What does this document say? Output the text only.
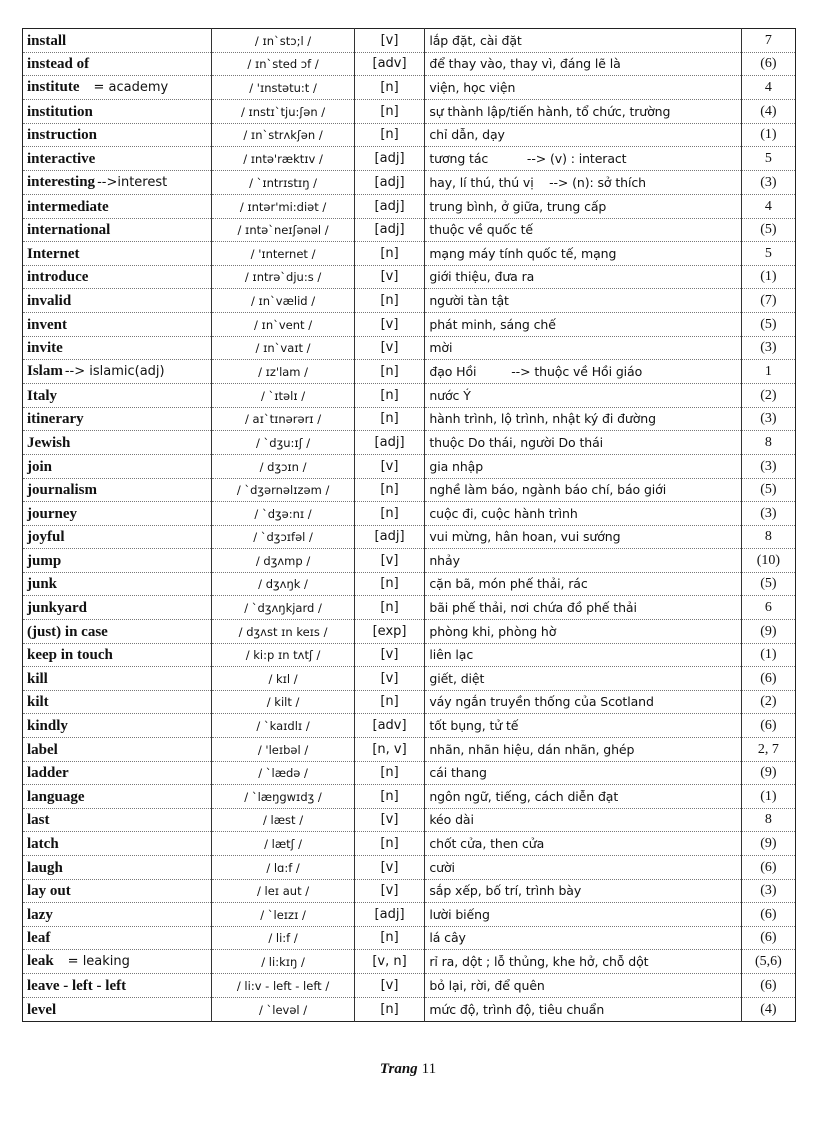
install	/ ɪn`stɔ;l /	[v]	lắp đặt, cài đặt	7
instead of	/ ɪn`sted ɔf /	[adv]	để thay vào, thay vì, đáng lẽ là	(6)
institute = academy	/ 'ɪnstətu:t /	[n]	viện, học viện	4
institution	/ ɪnstɪ`tju:ʃən /	[n]	sự thành lập/tiến hành, tổ chức, trường	(4)
instruction	/ ɪn`strʌkʃən /	[n]	chỉ dẫn, dạy	(1)
interactive	/ ɪntə'ræktɪv /	[adj]	tương tác          --> (v) : interact	5
interesting -->interest	/ `ɪntrɪstɪŋ /	[adj]	hay, lí thú, thú vị    --> (n): sở thích	(3)
intermediate	/ ɪntər'mi:diət /	[adj]	trung bình, ở giữa, trung cấp	4
international	/ ɪntə`neɪʃənəl /	[adj]	thuộc về quốc tế	(5)
Internet	/ 'ɪnternet /	[n]	mạng máy tính quốc tế, mạng	5
introduce	/ ɪntrə`dju:s /	[v]	giới thiệu, đưa ra	(1)
invalid	/ ɪn`vælid /	[n]	người tàn tật	(7)
invent	/ ɪn`vent /	[v]	phát minh, sáng chế	(5)
invite	/ ɪn`vaɪt /	[v]	mời	(3)
Islam --> islamic(adj)	/ ɪz'lam /	[n]	đạo Hồi         --> thuộc về Hồi giáo	1
Italy	/ `ɪtəlɪ /	[n]	nước Ý	(2)
itinerary	/ aɪ`tɪnərərɪ /	[n]	hành trình, lộ trình, nhật ký đi đường	(3)
Jewish	/ `dʒu:ɪʃ /	[adj]	thuộc Do thái, người Do thái	8
join	/ dʒɔɪn /	[v]	gia nhập	(3)
journalism	/ `dʒərnəlɪzəm /	[n]	nghề làm báo, ngành báo chí, báo giới	(5)
journey	/ `dʒə:nɪ /	[n]	cuộc đi, cuộc hành trình	(3)
joyful	/ `dʒɔɪfəl /	[adj]	vui mừng, hân hoan, vui sướng	8
jump	/ dʒʌmp /	[v]	nhảy	(10)
junk	/ dʒʌŋk /	[n]	cặn bã, món phế thải, rác	(5)
junkyard	/ `dʒʌŋkjard /	[n]	bãi phế thải, nơi chứa đồ phế thải	6
(just) in case	/ dʒʌst ɪn keɪs /	[exp]	phòng khi, phòng hờ	(9)
keep in touch	/ ki:p ɪn tʌtʃ /	[v]	liên lạc	(1)
kill	/ kɪl /	[v]	giết, diệt	(6)
kilt	/ kilt /	[n]	váy ngắn truyền thống của Scotland	(2)
kindly	/ `kaɪdlɪ /	[adv]	tốt bụng, tử tế	(6)
label	/ 'leɪbəl /	[n, v]	nhãn, nhãn hiệu, dán nhãn, ghép	2, 7
ladder	/ `lædə /	[n]	cái thang	(9)
language	/ `læŋgwɪdʒ /	[n]	ngôn ngữ, tiếng, cách diễn đạt	(1)
last	/ læst /	[v]	kéo dài	8
latch	/ lætʃ /	[n]	chốt cửa, then cửa	(9)
laugh	/ lɑ:f /	[v]	cười	(6)
lay out	/ leɪ aut /	[v]	sắp xếp, bố trí, trình bày	(3)
lazy	/ `leɪzɪ /	[adj]	lười biếng	(6)
leaf	/ li:f /	[n]	lá cây	(6)
leak = leaking	/ li:kɪŋ /	[v, n]	rỉ ra, dột ; lỗ thủng, khe hở, chỗ dột	(5,6)
leave - left - left	/ li:v - left - left /	[v]	bỏ lại, rời, để quên	(6)
level	/ `levəl /	[n]	mức độ, trình độ, tiêu chuẩn	(4)
Trang 11
